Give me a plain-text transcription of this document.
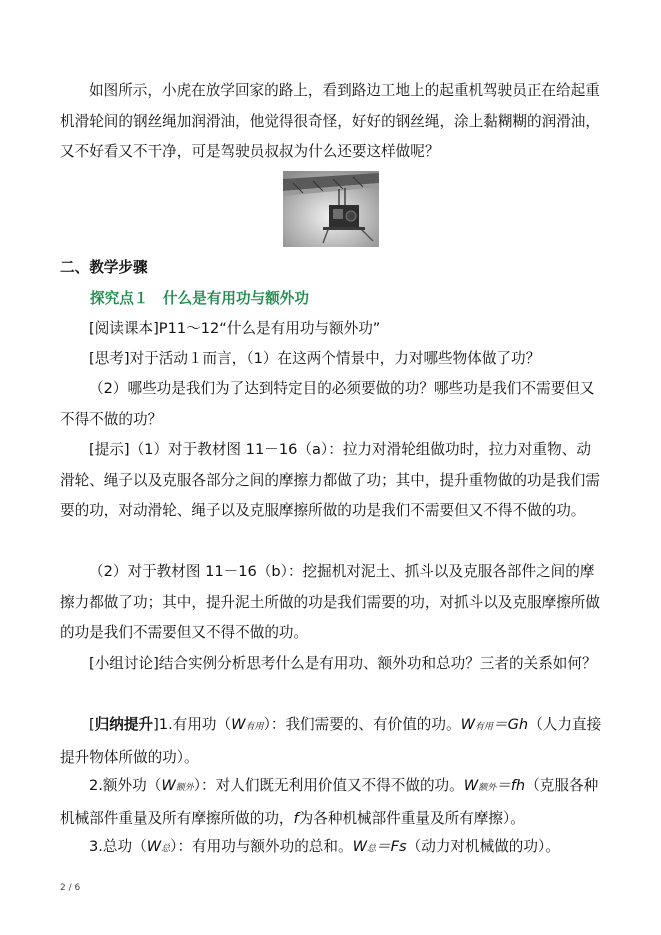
如图所示，小虎在放学回家的路上，看到路边工地上的起重机驾驶员正在给起重机滑轮间的钢丝绳加润滑油，他觉得很奇怪，好好的钢丝绳，涂上黏糊糊的润滑油，又不好看又不干净，可是驾驶员叔叔为什么还要这样做呢？
二、教学步骤
探究点１　什么是有用功与额外功
[阅读课本]P11～12“什么是有用功与额外功”
[思考]对于活动１而言，（1）在这两个情景中，力对哪些物体做了功？
（2）哪些功是我们为了达到特定目的必须要做的功？哪些功是我们不需要但又不得不做的功？
[提示]（1）对于教材图 11－16（a）：拉力对滑轮组做功时，拉力对重物、动滑轮、绳子以及克服各部分之间的摩擦力都做了功；其中，提升重物做的功是我们需要的功，对动滑轮、绳子以及克服摩擦所做的功是我们不需要但又不得不做的功。
（2）对于教材图 11－16（b）：挖掘机对泥土、抓斗以及克服各部件之间的摩擦力都做了功；其中，提升泥土所做的功是我们需要的功，对抓斗以及克服摩擦所做的功是我们不需要但又不得不做的功。
[小组讨论]结合实例分析思考什么是有用功、额外功和总功？三者的关系如何？
[归纳提升]1.有用功（W有用）：我们需要的、有价值的功。W有用＝Gh（人力直接提升物体所做的功）。
2.额外功（W额外）：对人们既无利用价值又不得不做的功。W额外＝fh（克服各种机械部件重量及所有摩擦所做的功，f为各种机械部件重量及所有摩擦）。
3.总功（W总）：有用功与额外功的总和。W总＝Fs（动力对机械做的功）。
2 / 6
